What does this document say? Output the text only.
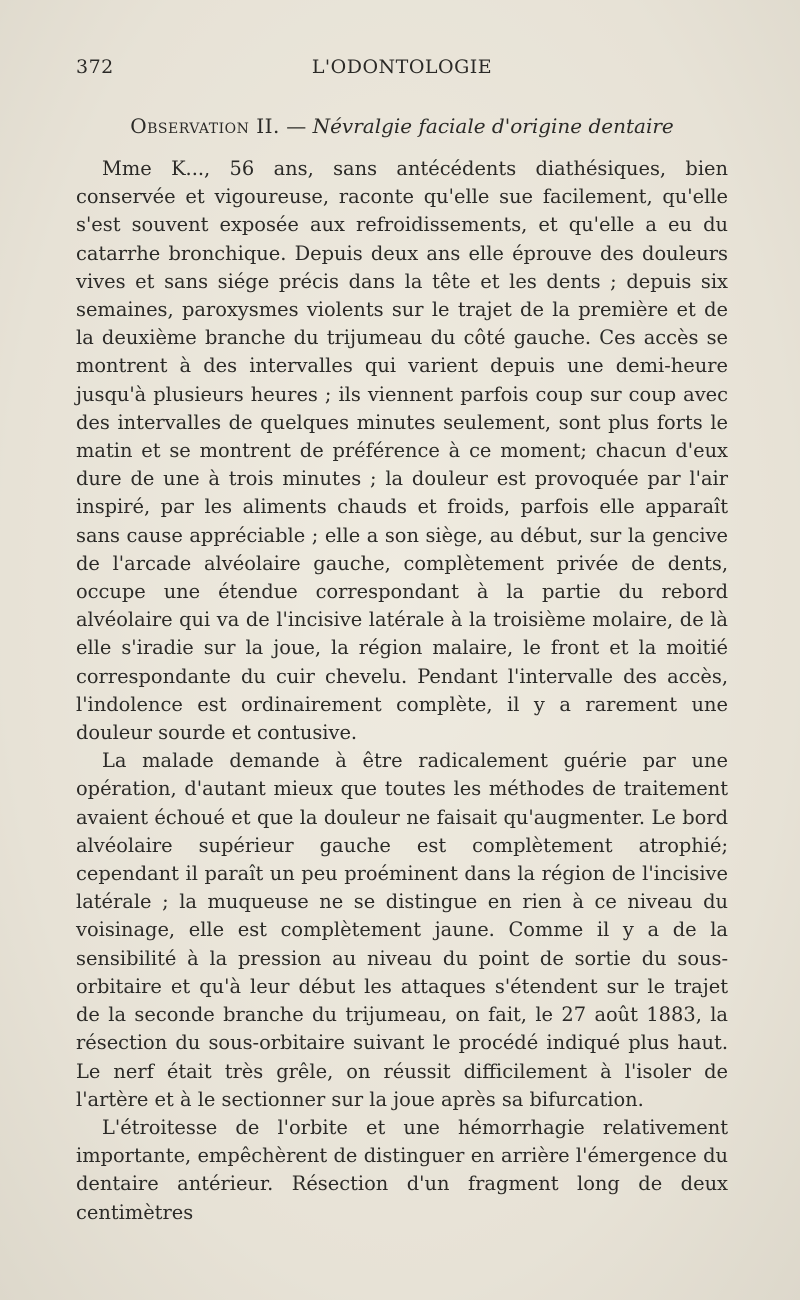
372	L'ODONTOLOGIE
Observation II. — Névralgie faciale d'origine dentaire

Mme K..., 56 ans, sans antécédents diathésiques, bien conservée et vigoureuse, raconte qu'elle sue facilement, qu'elle s'est souvent exposée aux refroidissements, et qu'elle a eu du catarrhe bronchique. Depuis deux ans elle éprouve des douleurs vives et sans siége précis dans la tête et les dents ; depuis six semaines, paroxysmes violents sur le trajet de la première et de la deuxième branche du trijumeau du côté gauche. Ces accès se montrent à des intervalles qui varient depuis une demi-heure jusqu'à plusieurs heures ; ils viennent parfois coup sur coup avec des intervalles de quelques minutes seulement, sont plus forts le matin et se montrent de préférence à ce moment; chacun d'eux dure de une à trois minutes ; la douleur est provoquée par l'air inspiré, par les aliments chauds et froids, parfois elle apparaît sans cause appréciable ; elle a son siège, au début, sur la gencive de l'arcade alvéolaire gauche, complètement privée de dents, occupe une étendue correspondant à la partie du rebord alvéolaire qui va de l'incisive latérale à la troisième molaire, de là elle s'iradie sur la joue, la région malaire, le front et la moitié correspondante du cuir chevelu. Pendant l'intervalle des accès, l'indolence est ordinairement complète, il y a rarement une douleur sourde et contusive.

La malade demande à être radicalement guérie par une opération, d'autant mieux que toutes les méthodes de traitement avaient échoué et que la douleur ne faisait qu'augmenter. Le bord alvéolaire supérieur gauche est complètement atrophié; cependant il paraît un peu proéminent dans la région de l'incisive latérale ; la muqueuse ne se distingue en rien à ce niveau du voisinage, elle est complètement jaune. Comme il y a de la sensibilité à la pression au niveau du point de sortie du sous-orbitaire et qu'à leur début les attaques s'étendent sur le trajet de la seconde branche du trijumeau, on fait, le 27 août 1883, la résection du sous-orbitaire suivant le procédé indiqué plus haut. Le nerf était très grêle, on réussit difficilement à l'isoler de l'artère et à le sectionner sur la joue après sa bifurcation.

L'étroitesse de l'orbite et une hémorrhagie relativement importante, empêchèrent de distinguer en arrière l'émergence du dentaire antérieur. Résection d'un fragment long de deux centimètres
